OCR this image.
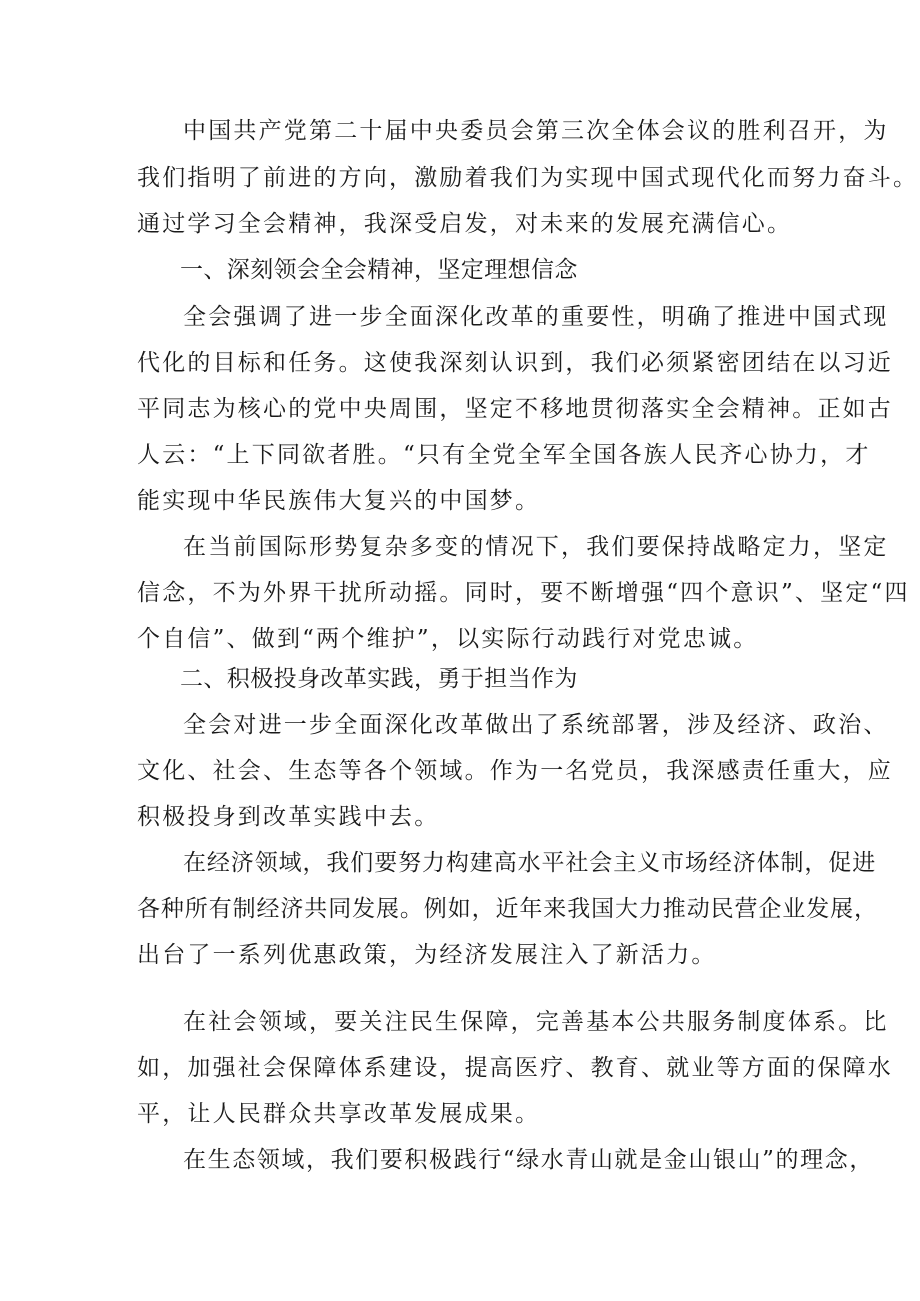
中国共产党第二十届中央委员会第三次全体会议的胜利召开，为
我们指明了前进的方向，激励着我们为实现中国式现代化而努力奋斗。
通过学习全会精神，我深受启发，对未来的发展充满信心。
一、深刻领会全会精神，坚定理想信念
全会强调了进一步全面深化改革的重要性，明确了推进中国式现
代化的目标和任务。这使我深刻认识到，我们必须紧密团结在以习近
平同志为核心的党中央周围，坚定不移地贯彻落实全会精神。正如古
人云：“上下同欲者胜。“只有全党全军全国各族人民齐心协力，才
能实现中华民族伟大复兴的中国梦。
在当前国际形势复杂多变的情况下，我们要保持战略定力，坚定
信念，不为外界干扰所动摇。同时，要不断增强“四个意识”、坚定“四
个自信”、做到“两个维护”，以实际行动践行对党忠诚。
二、积极投身改革实践，勇于担当作为
全会对进一步全面深化改革做出了系统部署，涉及经济、政治、
文化、社会、生态等各个领域。作为一名党员，我深感责任重大，应
积极投身到改革实践中去。
在经济领域，我们要努力构建高水平社会主义市场经济体制，促进
各种所有制经济共同发展。例如，近年来我国大力推动民营企业发展，
出台了一系列优惠政策，为经济发展注入了新活力。
在社会领域，要关注民生保障，完善基本公共服务制度体系。比
如，加强社会保障体系建设，提高医疗、教育、就业等方面的保障水
平，让人民群众共享改革发展成果。
在生态领域，我们要积极践行“绿水青山就是金山银山”的理念，
